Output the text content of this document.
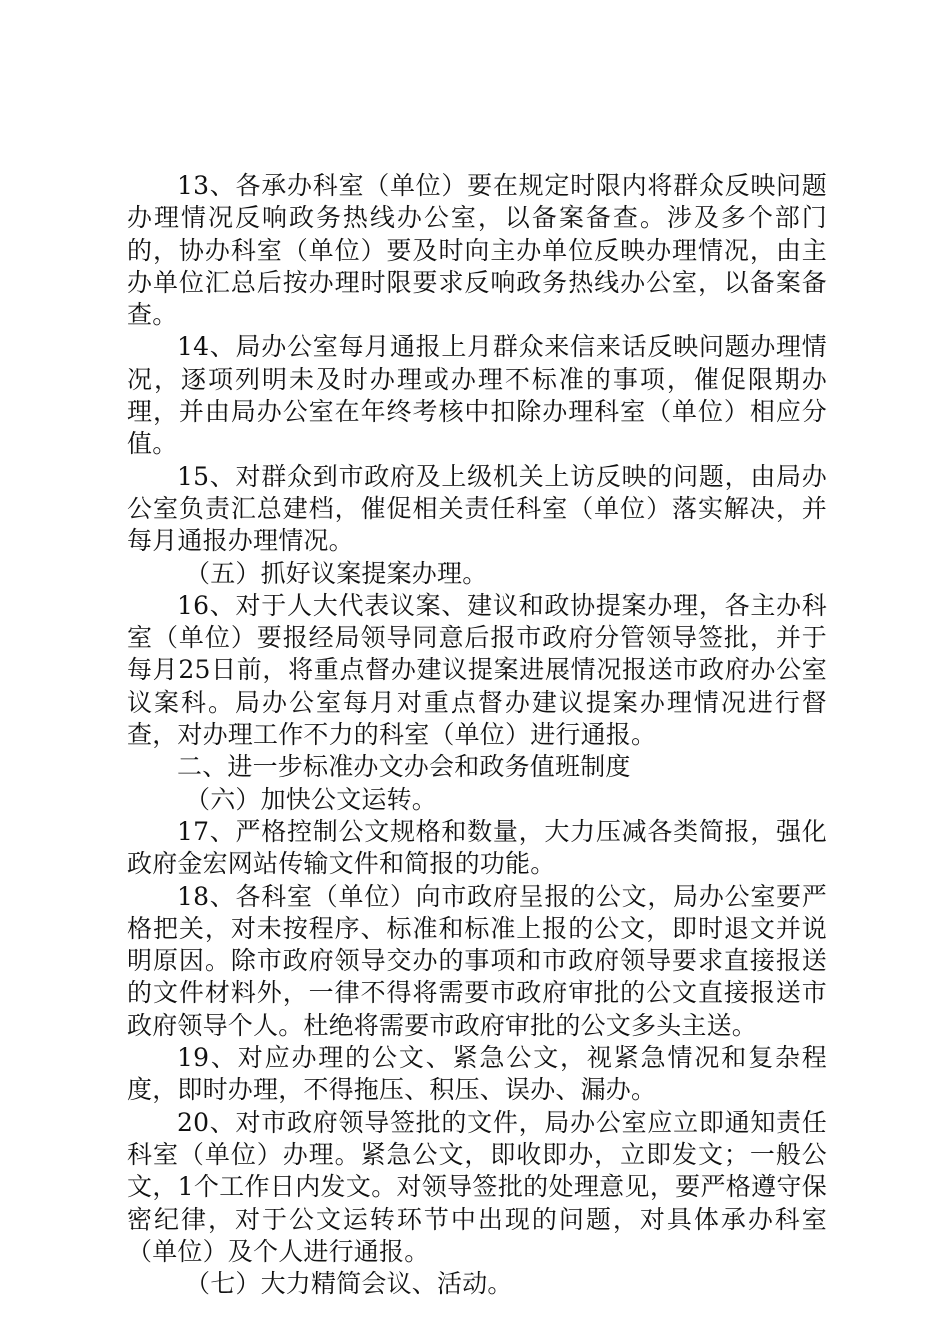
13、各承办科室（单位）要在规定时限内将群众反映问题办理情况反响政务热线办公室，以备案备查。涉及多个部门的，协办科室（单位）要及时向主办单位反映办理情况，由主办单位汇总后按办理时限要求反响政务热线办公室，以备案备查。

14、局办公室每月通报上月群众来信来话反映问题办理情况，逐项列明未及时办理或办理不标准的事项，催促限期办理，并由局办公室在年终考核中扣除办理科室（单位）相应分值。

15、对群众到市政府及上级机关上访反映的问题，由局办公室负责汇总建档，催促相关责任科室（单位）落实解决，并每月通报办理情况。

（五）抓好议案提案办理。

16、对于人大代表议案、建议和政协提案办理，各主办科室（单位）要报经局领导同意后报市政府分管领导签批，并于每月25日前，将重点督办建议提案进展情况报送市政府办公室议案科。局办公室每月对重点督办建议提案办理情况进行督查，对办理工作不力的科室（单位）进行通报。

二、进一步标准办文办会和政务值班制度

（六）加快公文运转。

17、严格控制公文规格和数量，大力压减各类简报，强化政府金宏网站传输文件和简报的功能。

18、各科室（单位）向市政府呈报的公文，局办公室要严格把关，对未按程序、标准和标准上报的公文，即时退文并说明原因。除市政府领导交办的事项和市政府领导要求直接报送的文件材料外，一律不得将需要市政府审批的公文直接报送市政府领导个人。杜绝将需要市政府审批的公文多头主送。

19、对应办理的公文、紧急公文，视紧急情况和复杂程度，即时办理，不得拖压、积压、误办、漏办。

20、对市政府领导签批的文件，局办公室应立即通知责任科室（单位）办理。紧急公文，即收即办，立即发文；一般公文，1个工作日内发文。对领导签批的处理意见，要严格遵守保密纪律，对于公文运转环节中出现的问题，对具体承办科室（单位）及个人进行通报。

（七）大力精简会议、活动。
